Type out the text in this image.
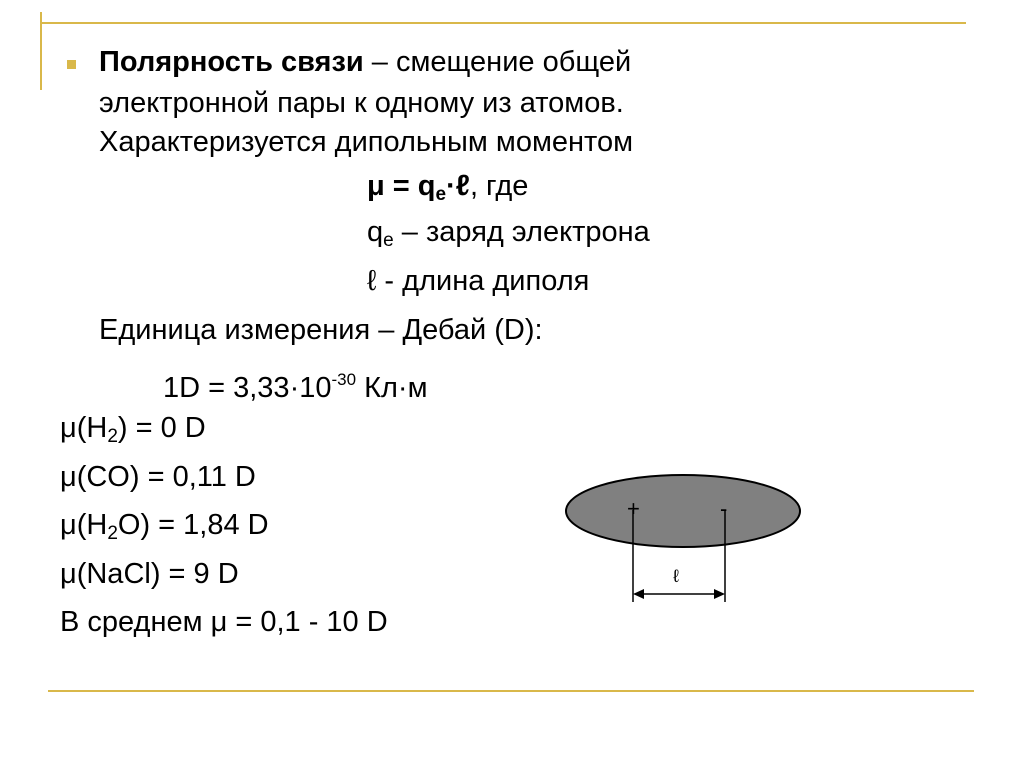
Полярность связи – смещение общей
электронной пары к одному из атомов.
Характеризуется дипольным моментом
$\mu = q_e\cdot\ell$, где
$q_e$ – заряд электрона
ℓ - длина диполя
Единица измерения – Дебай (D):
$1D = 3,33\cdot 10^{-30}$ Кл·м
$\mu(H_2) = 0$ D
μ(CO) = 0,11 D
$\mu(H_2O) = 1,84$ D
μ(NaCl) = 9 D
В среднем μ = 0,1 - 10 D
+	-
ℓ
